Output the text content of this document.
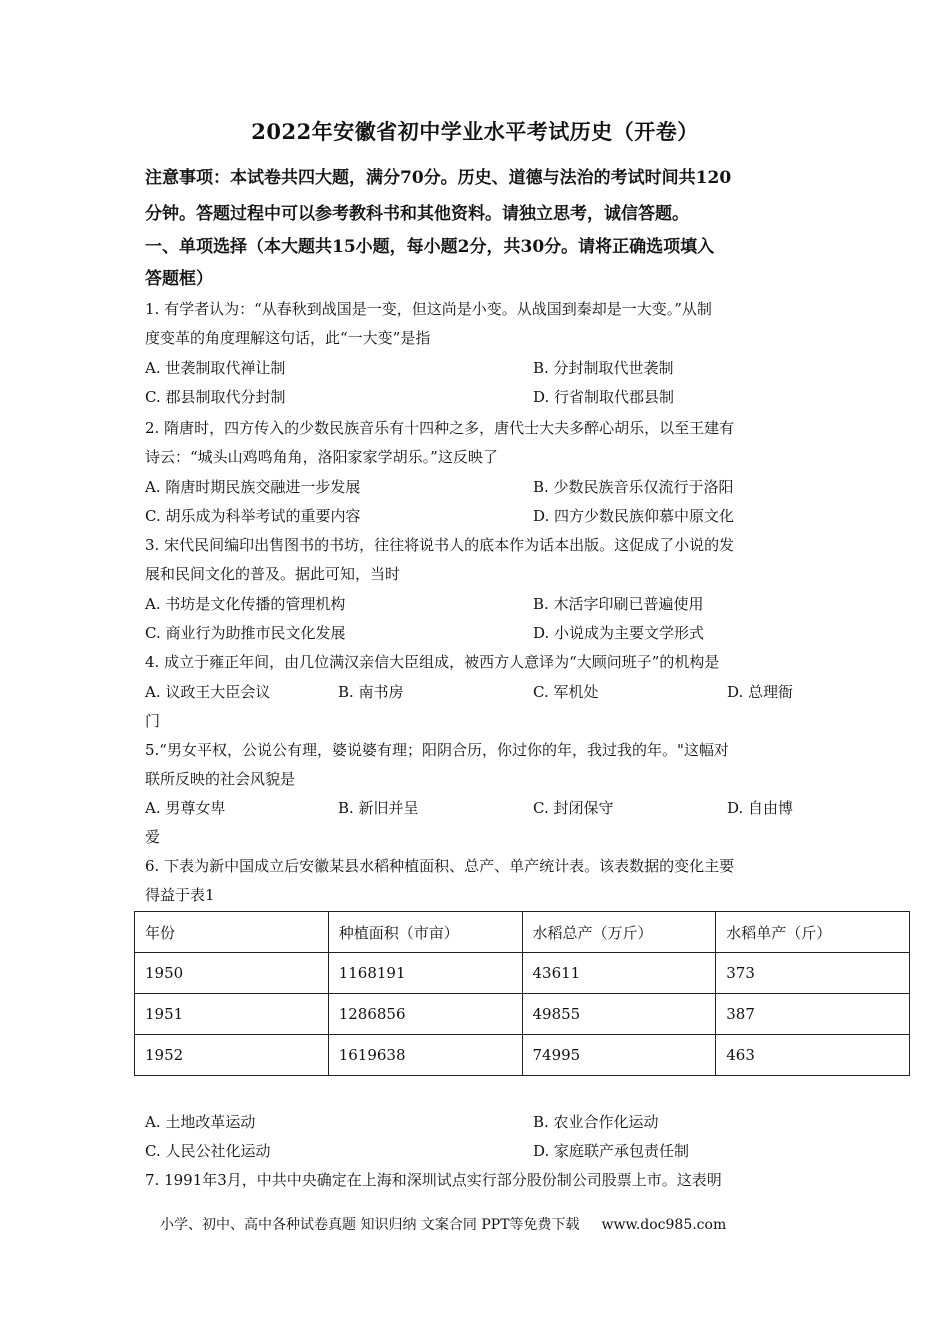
2022年安徽省初中学业水平考试历史（开卷）
注意事项：本试卷共四大题，满分70分。历史、道德与法治的考试时间共120
分钟。答题过程中可以参考教科书和其他资料。请独立思考，诚信答题。
一、单项选择（本大题共15小题，每小题2分，共30分。请将正确选项填入
答题框）
1. 有学者认为：“从春秋到战国是一变，但这尚是小变。从战国到秦却是一大变。”从制
度变革的角度理解这句话，此“一大变”是指
A. 世袭制取代禅让制	B. 分封制取代世袭制
C. 郡县制取代分封制	D. 行省制取代郡县制
2. 隋唐时，四方传入的少数民族音乐有十四种之多，唐代士大夫多醉心胡乐，以至王建有
诗云：“城头山鸡鸣角角，洛阳家家学胡乐。”这反映了
A. 隋唐时期民族交融进一步发展	B. 少数民族音乐仅流行于洛阳
C. 胡乐成为科举考试的重要内容	D. 四方少数民族仰慕中原文化
3. 宋代民间编印出售图书的书坊，往往将说书人的底本作为话本出版。这促成了小说的发
展和民间文化的普及。据此可知，当时
A. 书坊是文化传播的管理机构	B. 木活字印刷已普遍使用
C. 商业行为助推市民文化发展	D. 小说成为主要文学形式
4. 成立于雍正年间，由几位满汉亲信大臣组成，被西方人意译为“大顾问班子”的机构是
A. 议政王大臣会议	B. 南书房	C. 军机处	D. 总理衙
门
5.“男女平权，公说公有理，婆说婆有理；阳阴合历，你过你的年，我过我的年。"这幅对
联所反映的社会风貌是
A. 男尊女卑	B. 新旧并呈	C. 封闭保守	D. 自由博
爱
6. 下表为新中国成立后安徽某县水稻种植面积、总产、单产统计表。该表数据的变化主要
得益于表1
年份	种植面积（市亩）	水稻总产（万斤）	水稻单产（斤）
1950	1168191	43611	373
1951	1286856	49855	387
1952	1619638	74995	463
A. 土地改革运动	B. 农业合作化运动
C. 人民公社化运动	D. 家庭联产承包责任制
7. 1991年3月，中共中央确定在上海和深圳试点实行部分股份制公司股票上市。这表明
小学、初中、高中各种试卷真题 知识归纳 文案合同 PPT等免费下载 www.doc985.com
